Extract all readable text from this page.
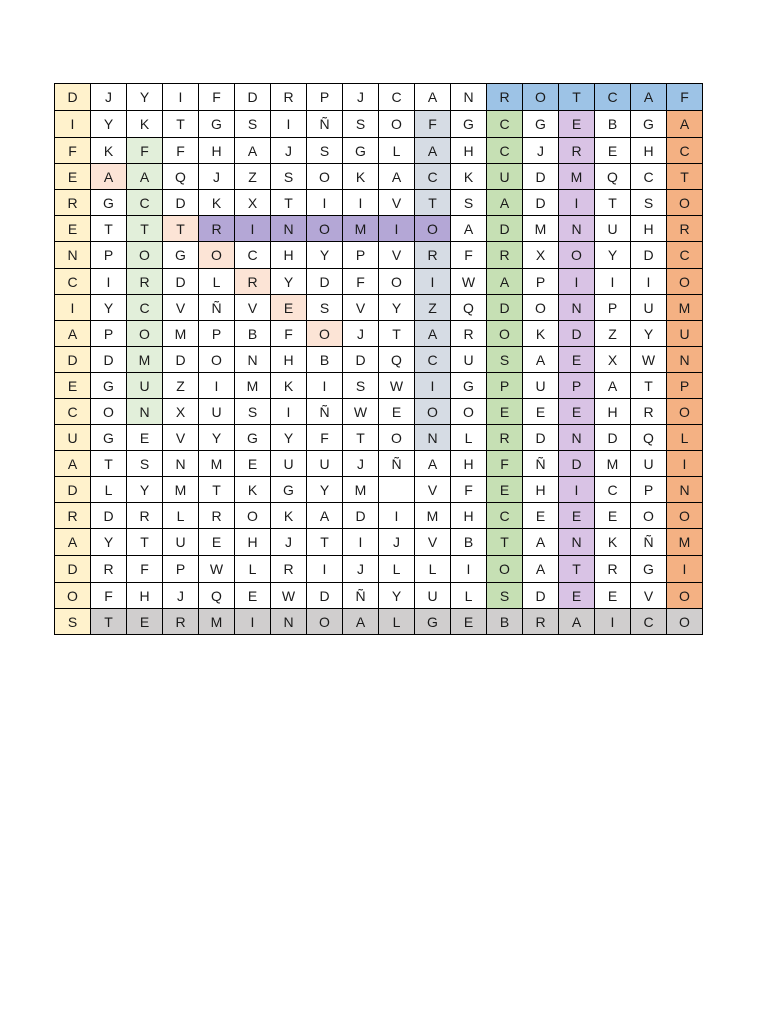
D	J	Y	I	F	D	R	P	J	C	A	N	R	O	T	C	A	F
I	Y	K	T	G	S	I	Ñ	S	O	F	G	C	G	E	B	G	A
F	K	F	F	H	A	J	S	G	L	A	H	C	J	R	E	H	C
E	A	A	Q	J	Z	S	O	K	A	C	K	U	D	M	Q	C	T
R	G	C	D	K	X	T	I	I	V	T	S	A	D	I	T	S	O
E	T	T	T	R	I	N	O	M	I	O	A	D	M	N	U	H	R
N	P	O	G	O	C	H	Y	P	V	R	F	R	X	O	Y	D	C
C	I	R	D	L	R	Y	D	F	O	I	W	A	P	I	I	I	O
I	Y	C	V	Ñ	V	E	S	V	Y	Z	Q	D	O	N	P	U	M
A	P	O	M	P	B	F	O	J	T	A	R	O	K	D	Z	Y	U
D	D	M	D	O	N	H	B	D	Q	C	U	S	A	E	X	W	N
E	G	U	Z	I	M	K	I	S	W	I	G	P	U	P	A	T	P
C	O	N	X	U	S	I	Ñ	W	E	O	O	E	E	E	H	R	O
U	G	E	V	Y	G	Y	F	T	O	N	L	R	D	N	D	Q	L
A	T	S	N	M	E	U	U	J	Ñ	A	H	F	Ñ	D	M	U	I
D	L	Y	M	T	K	G	Y	M		V	F	E	H	I	C	P	N
R	D	R	L	R	O	K	A	D	I	M	H	C	E	E	E	O	O
A	Y	T	U	E	H	J	T	I	J	V	B	T	A	N	K	Ñ	M
D	R	F	P	W	L	R	I	J	L	L	I	O	A	T	R	G	I
O	F	H	J	Q	E	W	D	Ñ	Y	U	L	S	D	E	E	V	O
S	T	E	R	M	I	N	O	A	L	G	E	B	R	A	I	C	O
